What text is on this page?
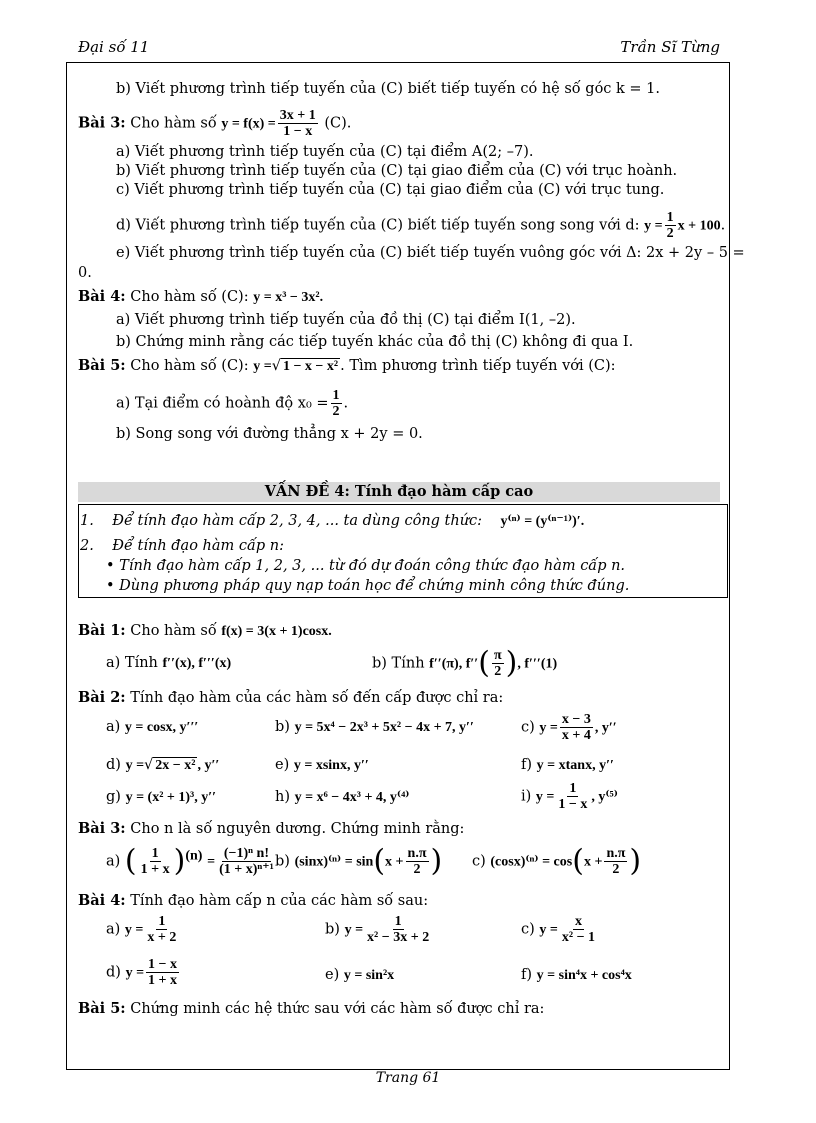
Đại số 11	Trần Sĩ Từng
b) Viết phương trình tiếp tuyến của (C) biết tiếp tuyến có hệ số góc k = 1.
Bài 3: Cho hàm số $y = f(x) = \frac{3x + 1}{1 - x} (C)$.
a) Viết phương trình tiếp tuyến của (C) tại điểm A(2; –7).
b) Viết phương trình tiếp tuyến của (C) tại giao điểm của (C) với trục hoành.
c) Viết phương trình tiếp tuyến của (C) tại giao điểm của (C) với trục tung.
d) Viết phương trình tiếp tuyến của (C) biết tiếp tuyến song song với d: $y = \frac{1}{2}$ x + 100.
e) Viết phương trình tiếp tuyến của (C) biết tiếp tuyến vuông góc với Δ: 2x + 2y – 5 =
0.
Bài 4: Cho hàm số (C): y = x³ − 3x².
a) Viết phương trình tiếp tuyến của đồ thị (C) tại điểm I(1, –2).
b) Chứng minh rằng các tiếp tuyến khác của đồ thị (C) không đi qua I.
Bài 5: Cho hàm số (C): y =√ 1 − x − x² . Tìm phương trình tiếp tuyến với (C):
a) Tại điểm có hoành độ $x_0 = \frac{1}{2}$ .
b) Song song với đường thẳng x + 2y = 0.
VẤN ĐỀ 4: Tính đạo hàm cấp cao
1. Để tính đạo hàm cấp 2, 3, 4, ... ta dùng công thức: y⁽ⁿ⁾ = (y⁽ⁿ⁻¹⁾)′.
2. Để tính đạo hàm cấp n:
• Tính đạo hàm cấp 1, 2, 3, ... từ đó dự đoán công thức đạo hàm cấp n.
• Dùng phương pháp quy nạp toán học để chứng minh công thức đúng.
Bài 1: Cho hàm số f(x) = 3(x + 1)cosx.
a) Tính f′′(x), f′′′(x)	b) Tính f′′(π), $f''( \frac{\pi}{2}$ ), f′′′(1)
Bài 2: Tính đạo hàm của các hàm số đến cấp được chỉ ra:
a) y = cosx, y′′′	b) y = 5x⁴ − 2x³ + 5x² − 4x + 7, y′′	c) $y = \frac{x - 3}{x + 4}$ , y′′
d) y =√ 2x − x² , y′′	e) y = xsinx, y′′	f) y = xtanx, y′′
g) y = (x² + 1)³, y′′	h) y = x⁶ − 4x³ + 4, y⁽⁴⁾	i) $y = \frac{1}{1 - x}$ , y⁽⁵⁾
Bài 3: Cho n là số nguyên dương. Chứng minh rằng:
a) ( $\frac{1}{1 + x} )^{(n)} = \frac{\text{(−1)ⁿ n!}}{\text{(1 + x)ⁿ⁺¹}} b$) $(\sin x)^{(n)} = \sin(x + \frac{n.\pi}{2}$ ) c) $(\cos x)^{(n)} = \cos(x + \frac{n.\pi}{2}$ )
Bài 4: Tính đạo hàm cấp n của các hàm số sau:
a) $y = \frac{1}{x + 2}$	b) $y = \frac{1}{\text{x² − 3x + 2}}$	c) $y = \frac{x}{\text{x² − 1}}$
d) $y = \frac{1 - x}{1 + x}$	e) y = sin²x	f) y = sin⁴x + cos⁴x
Bài 5: Chứng minh các hệ thức sau với các hàm số được chỉ ra:
Trang 61
